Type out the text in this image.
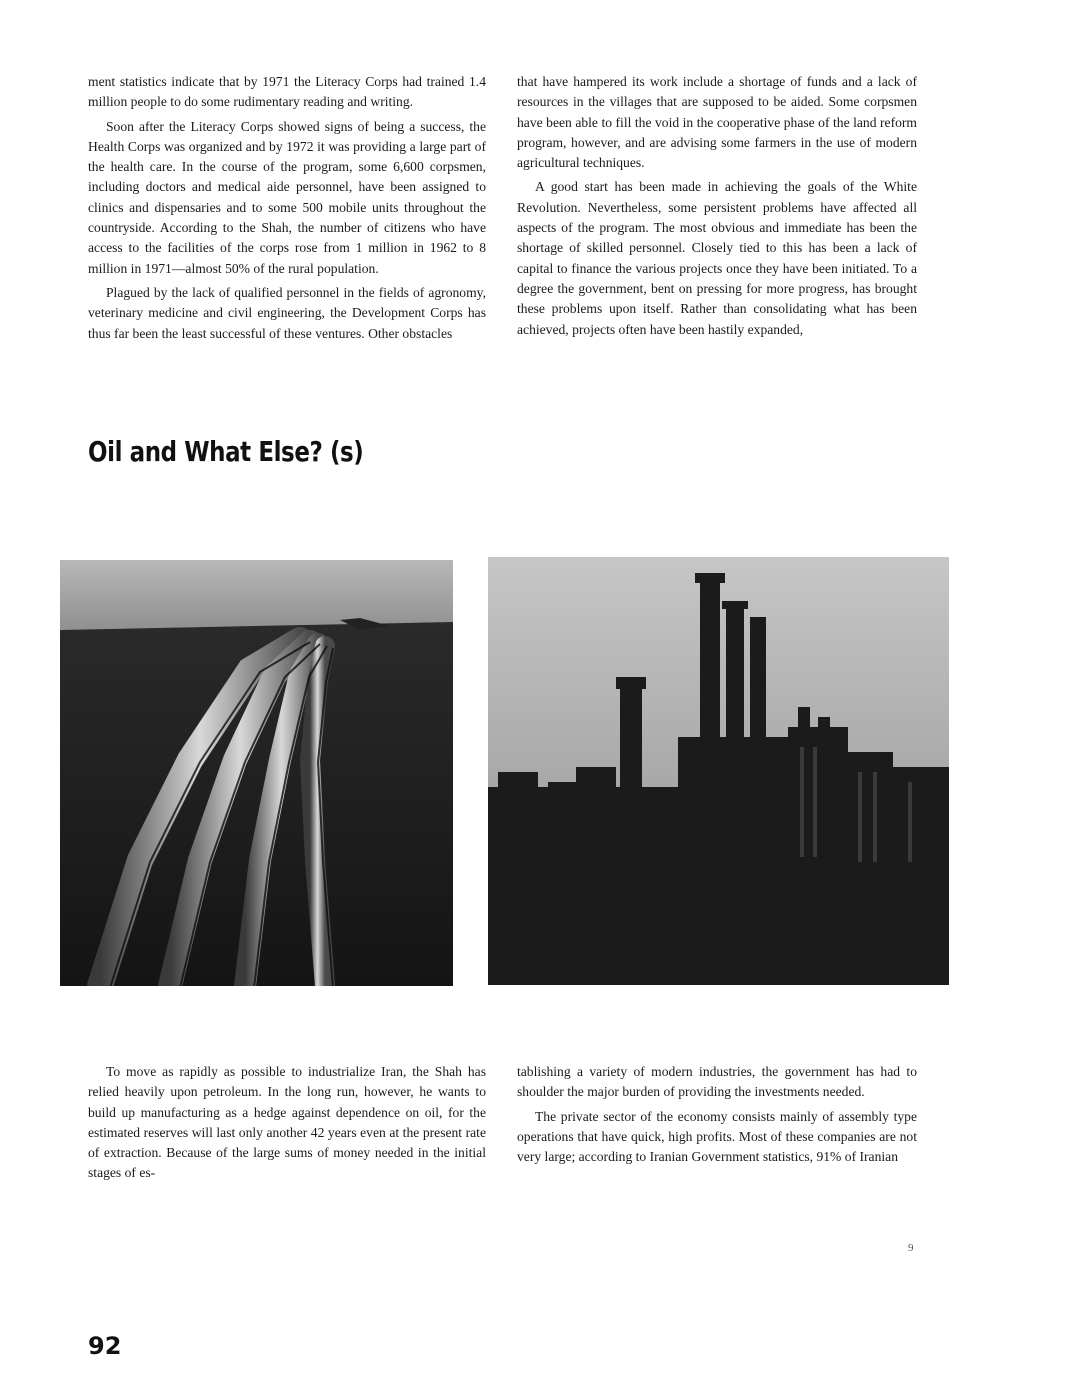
ment statistics indicate that by 1971 the Literacy Corps had trained 1.4 million people to do some rudimentary reading and writing.

Soon after the Literacy Corps showed signs of being a success, the Health Corps was organized and by 1972 it was providing a large part of the health care. In the course of the program, some 6,600 corpsmen, including doctors and medical aide personnel, have been assigned to clinics and dispensaries and to some 500 mobile units throughout the countryside. According to the Shah, the number of citizens who have access to the facilities of the corps rose from 1 million in 1962 to 8 million in 1971—almost 50% of the rural population.

Plagued by the lack of qualified personnel in the fields of agronomy, veterinary medicine and civil engineering, the Development Corps has thus far been the least successful of these ventures. Other obstacles

that have hampered its work include a shortage of funds and a lack of resources in the villages that are supposed to be aided. Some corpsmen have been able to fill the void in the cooperative phase of the land reform program, however, and are advising some farmers in the use of modern agricultural techniques.

A good start has been made in achieving the goals of the White Revolution. Nevertheless, some persistent problems have affected all aspects of the program. The most obvious and immediate has been the shortage of skilled personnel. Closely tied to this has been a lack of capital to finance the various projects once they have been initiated. To a degree the government, bent on pressing for more progress, has brought these problems upon itself. Rather than consolidating what has been achieved, projects often have been hastily expanded,

Oil and What Else? (s)

To move as rapidly as possible to industrialize Iran, the Shah has relied heavily upon petroleum. In the long run, however, he wants to build up manufacturing as a hedge against dependence on oil, for the estimated reserves will last only another 42 years even at the present rate of extraction. Because of the large sums of money needed in the initial stages of es-

tablishing a variety of modern industries, the government has had to shoulder the major burden of providing the investments needed.

The private sector of the economy consists mainly of assembly type operations that have quick, high profits. Most of these companies are not very large; according to Iranian Government statistics, 91% of Iranian

9
92
